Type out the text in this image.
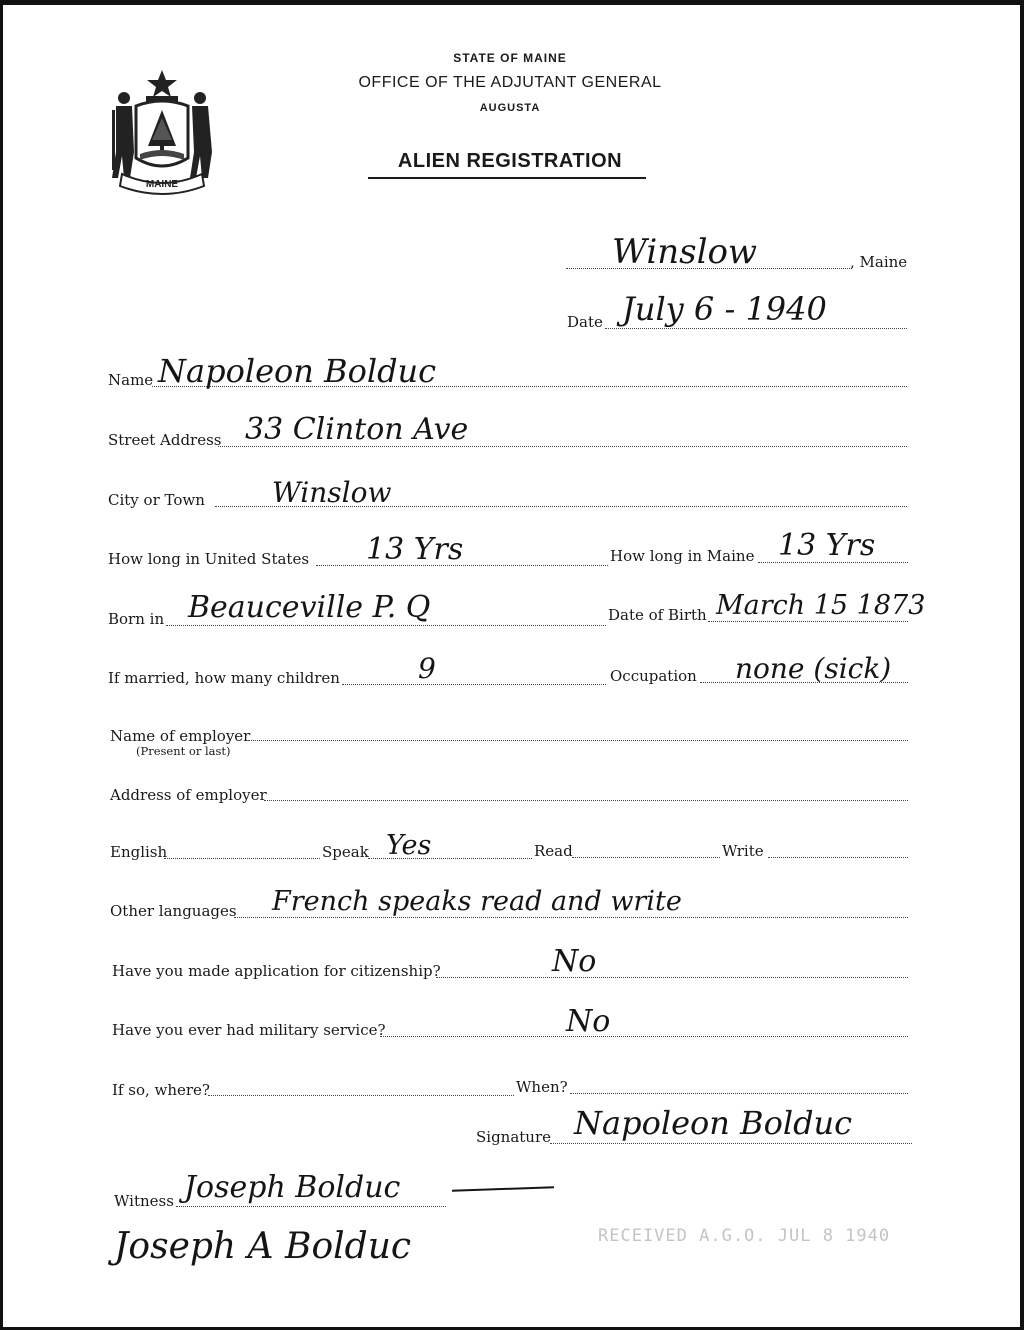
MAINE
STATE OF MAINE
OFFICE OF THE ADJUTANT GENERAL
AUGUSTA
ALIEN REGISTRATION
Winslow	, Maine
Date July 6 - 1940
Name Napoleon Bolduc
Street Address 33 Clinton Ave
City or Town Winslow
How long in United States 13 Yrs	How long in Maine 13 Yrs
Born in Beauceville P. Q	Date of Birth March 15 1873
If married, how many children	9	Occupation none (sick)
Name of employer
(Present or last)
Address of employer
English	Speak Yes	Read	Write
Other languages French speaks read and write
Have you made application for citizenship?	No
Have you ever had military service?	No
If so, where?	When?
Signature Napoleon Bolduc
Witness Joseph Bolduc
Joseph A Bolduc	RECEIVED A.G.O. JUL 8 1940
